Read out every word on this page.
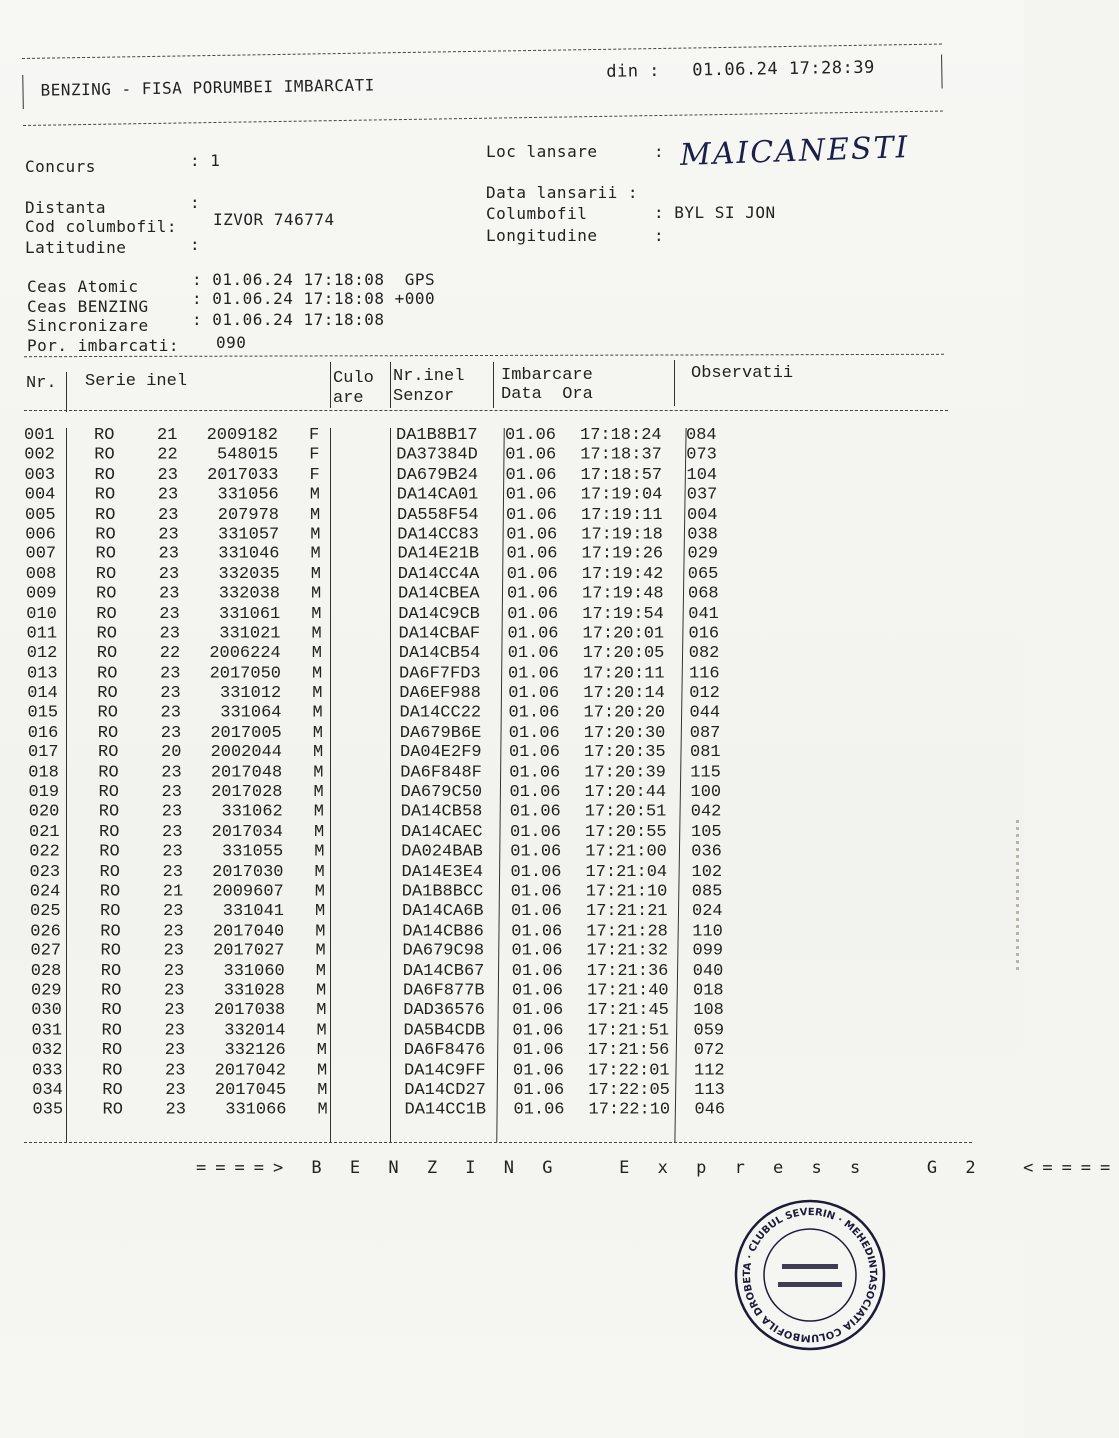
BENZING - FISA PORUMBEI IMBARCATI
din : 01.06.24 17:28:39
Concurs	: 1
Distanta	:
Cod columbofil: IZVOR 746774
Latitudine	:
Loc lansare	: MAICANESTI
Data lansarii :
Columbofil	: BYL SI JON
Longitudine	:
Ceas Atomic	: 01.06.24 17:18:08  GPS
Ceas BENZING	: 01.06.24 17:18:08 +000
Sincronizare	: 01.06.24 17:18:08
Por. imbarcati: 090
Nr. Serie inel	Culo
are
Nr.inel
Senzor
Imbarcare
Data  Ora
Observatii
001 RO	21	2009182 F	DA1B8B17 01.06 17:18:24 084
002 RO	22	548015 F	DA37384D 01.06 17:18:37 073
003 RO	23	2017033 F	DA679B24 01.06 17:18:57 104
004 RO	23	331056 M	DA14CA01 01.06 17:19:04 037
005 RO	23	207978 M	DA558F54 01.06 17:19:11 004
006 RO	23	331057 M	DA14CC83 01.06 17:19:18 038
007 RO	23	331046 M	DA14E21B 01.06 17:19:26 029
008 RO	23	332035 M	DA14CC4A 01.06 17:19:42 065
009 RO	23	332038 M	DA14CBEA 01.06 17:19:48 068
010 RO	23	331061 M	DA14C9CB 01.06 17:19:54 041
011 RO	23	331021 M	DA14CBAF 01.06 17:20:01 016
012 RO	22	2006224 M	DA14CB54 01.06 17:20:05 082
013 RO	23	2017050 M	DA6F7FD3 01.06 17:20:11 116
014 RO	23	331012 M	DA6EF988 01.06 17:20:14 012
015 RO	23	331064 M	DA14CC22 01.06 17:20:20 044
016 RO	23	2017005 M	DA679B6E 01.06 17:20:30 087
017 RO	20	2002044 M	DA04E2F9 01.06 17:20:35 081
018 RO	23	2017048 M	DA6F848F 01.06 17:20:39 115
019 RO	23	2017028 M	DA679C50 01.06 17:20:44 100
020 RO	23	331062 M	DA14CB58 01.06 17:20:51 042
021 RO	23	2017034 M	DA14CAEC 01.06 17:20:55 105
022 RO	23	331055 M	DA024BAB 01.06 17:21:00 036
023 RO	23	2017030 M	DA14E3E4 01.06 17:21:04 102
024 RO	21	2009607 M	DA1B8BCC 01.06 17:21:10 085
025 RO	23	331041 M	DA14CA6B 01.06 17:21:21 024
026 RO	23	2017040 M	DA14CB86 01.06 17:21:28 110
027 RO	23	2017027 M	DA679C98 01.06 17:21:32 099
028 RO	23	331060 M	DA14CB67 01.06 17:21:36 040
029 RO	23	331028 M	DA6F877B 01.06 17:21:40 018
030 RO	23	2017038 M	DAD36576 01.06 17:21:45 108
031 RO	23	332014 M	DA5B4CDB 01.06 17:21:51 059
032 RO	23	332126 M	DA6F8476 01.06 17:21:56 072
033 RO	23	2017042 M	DA14C9FF 01.06 17:22:01 112
034 RO	23	2017045 M	DA14CD27 01.06 17:22:05 113
035 RO	23	331066 M	DA14CC1B 01.06 17:22:10 046
====> B E N Z I N G   E x p r e s s   G 2  <====
ASOCIATIA COLUMBOFILA DROBETA · CLUBUL SEVERIN · MEHEDINT
